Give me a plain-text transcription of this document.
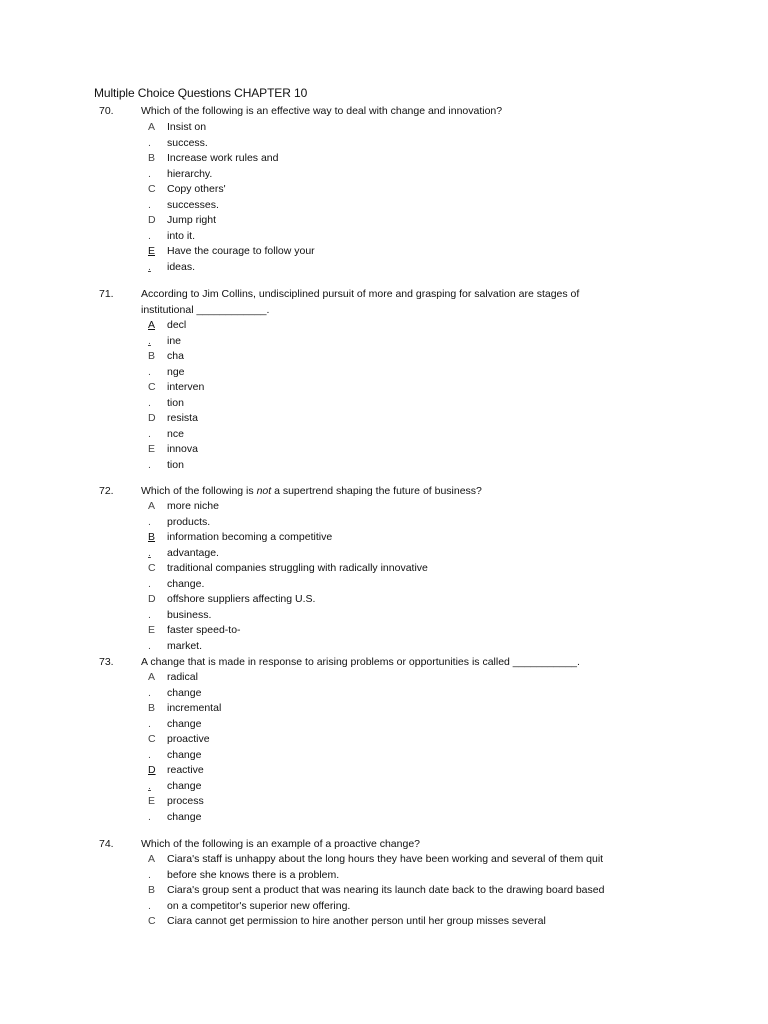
Multiple Choice Questions CHAPTER 10
70.	Which of the following is an effective way to deal with change and innovation?
A Insist on
success.
.
B Increase work rules and
hierarchy.
.
C Copy others'
successes.
.
D Jump right
into it.
.
E Have the courage to follow your
ideas.
.
71.	According to Jim Collins, undisciplined pursuit of more and grasping for salvation are stages of
institutional ____________.
A decl
ine
.
B cha
nge
.
C interven
tion
.
D resista
nce
.
E innova
tion
.
72.	Which of the following is not a supertrend shaping the future of business?
A more niche
products.
.
B information becoming a competitive
advantage.
.
C traditional companies struggling with radically innovative
change.
.
D offshore suppliers affecting U.S.
business.
.
E faster speed-to-
market.
.
73.	A change that is made in response to arising problems or opportunities is called ___________.
A radical
change
.
B incremental
change
.
C proactive
change
.
D reactive
change
.
E process
change
.
74.	Which of the following is an example of a proactive change?
A Ciara's staff is unhappy about the long hours they have been working and several of them quit
before she knows there is a problem.
.
B Ciara's group sent a product that was nearing its launch date back to the drawing board based
on a competitor's superior new offering.
.
C Ciara cannot get permission to hire another person until her group misses several
